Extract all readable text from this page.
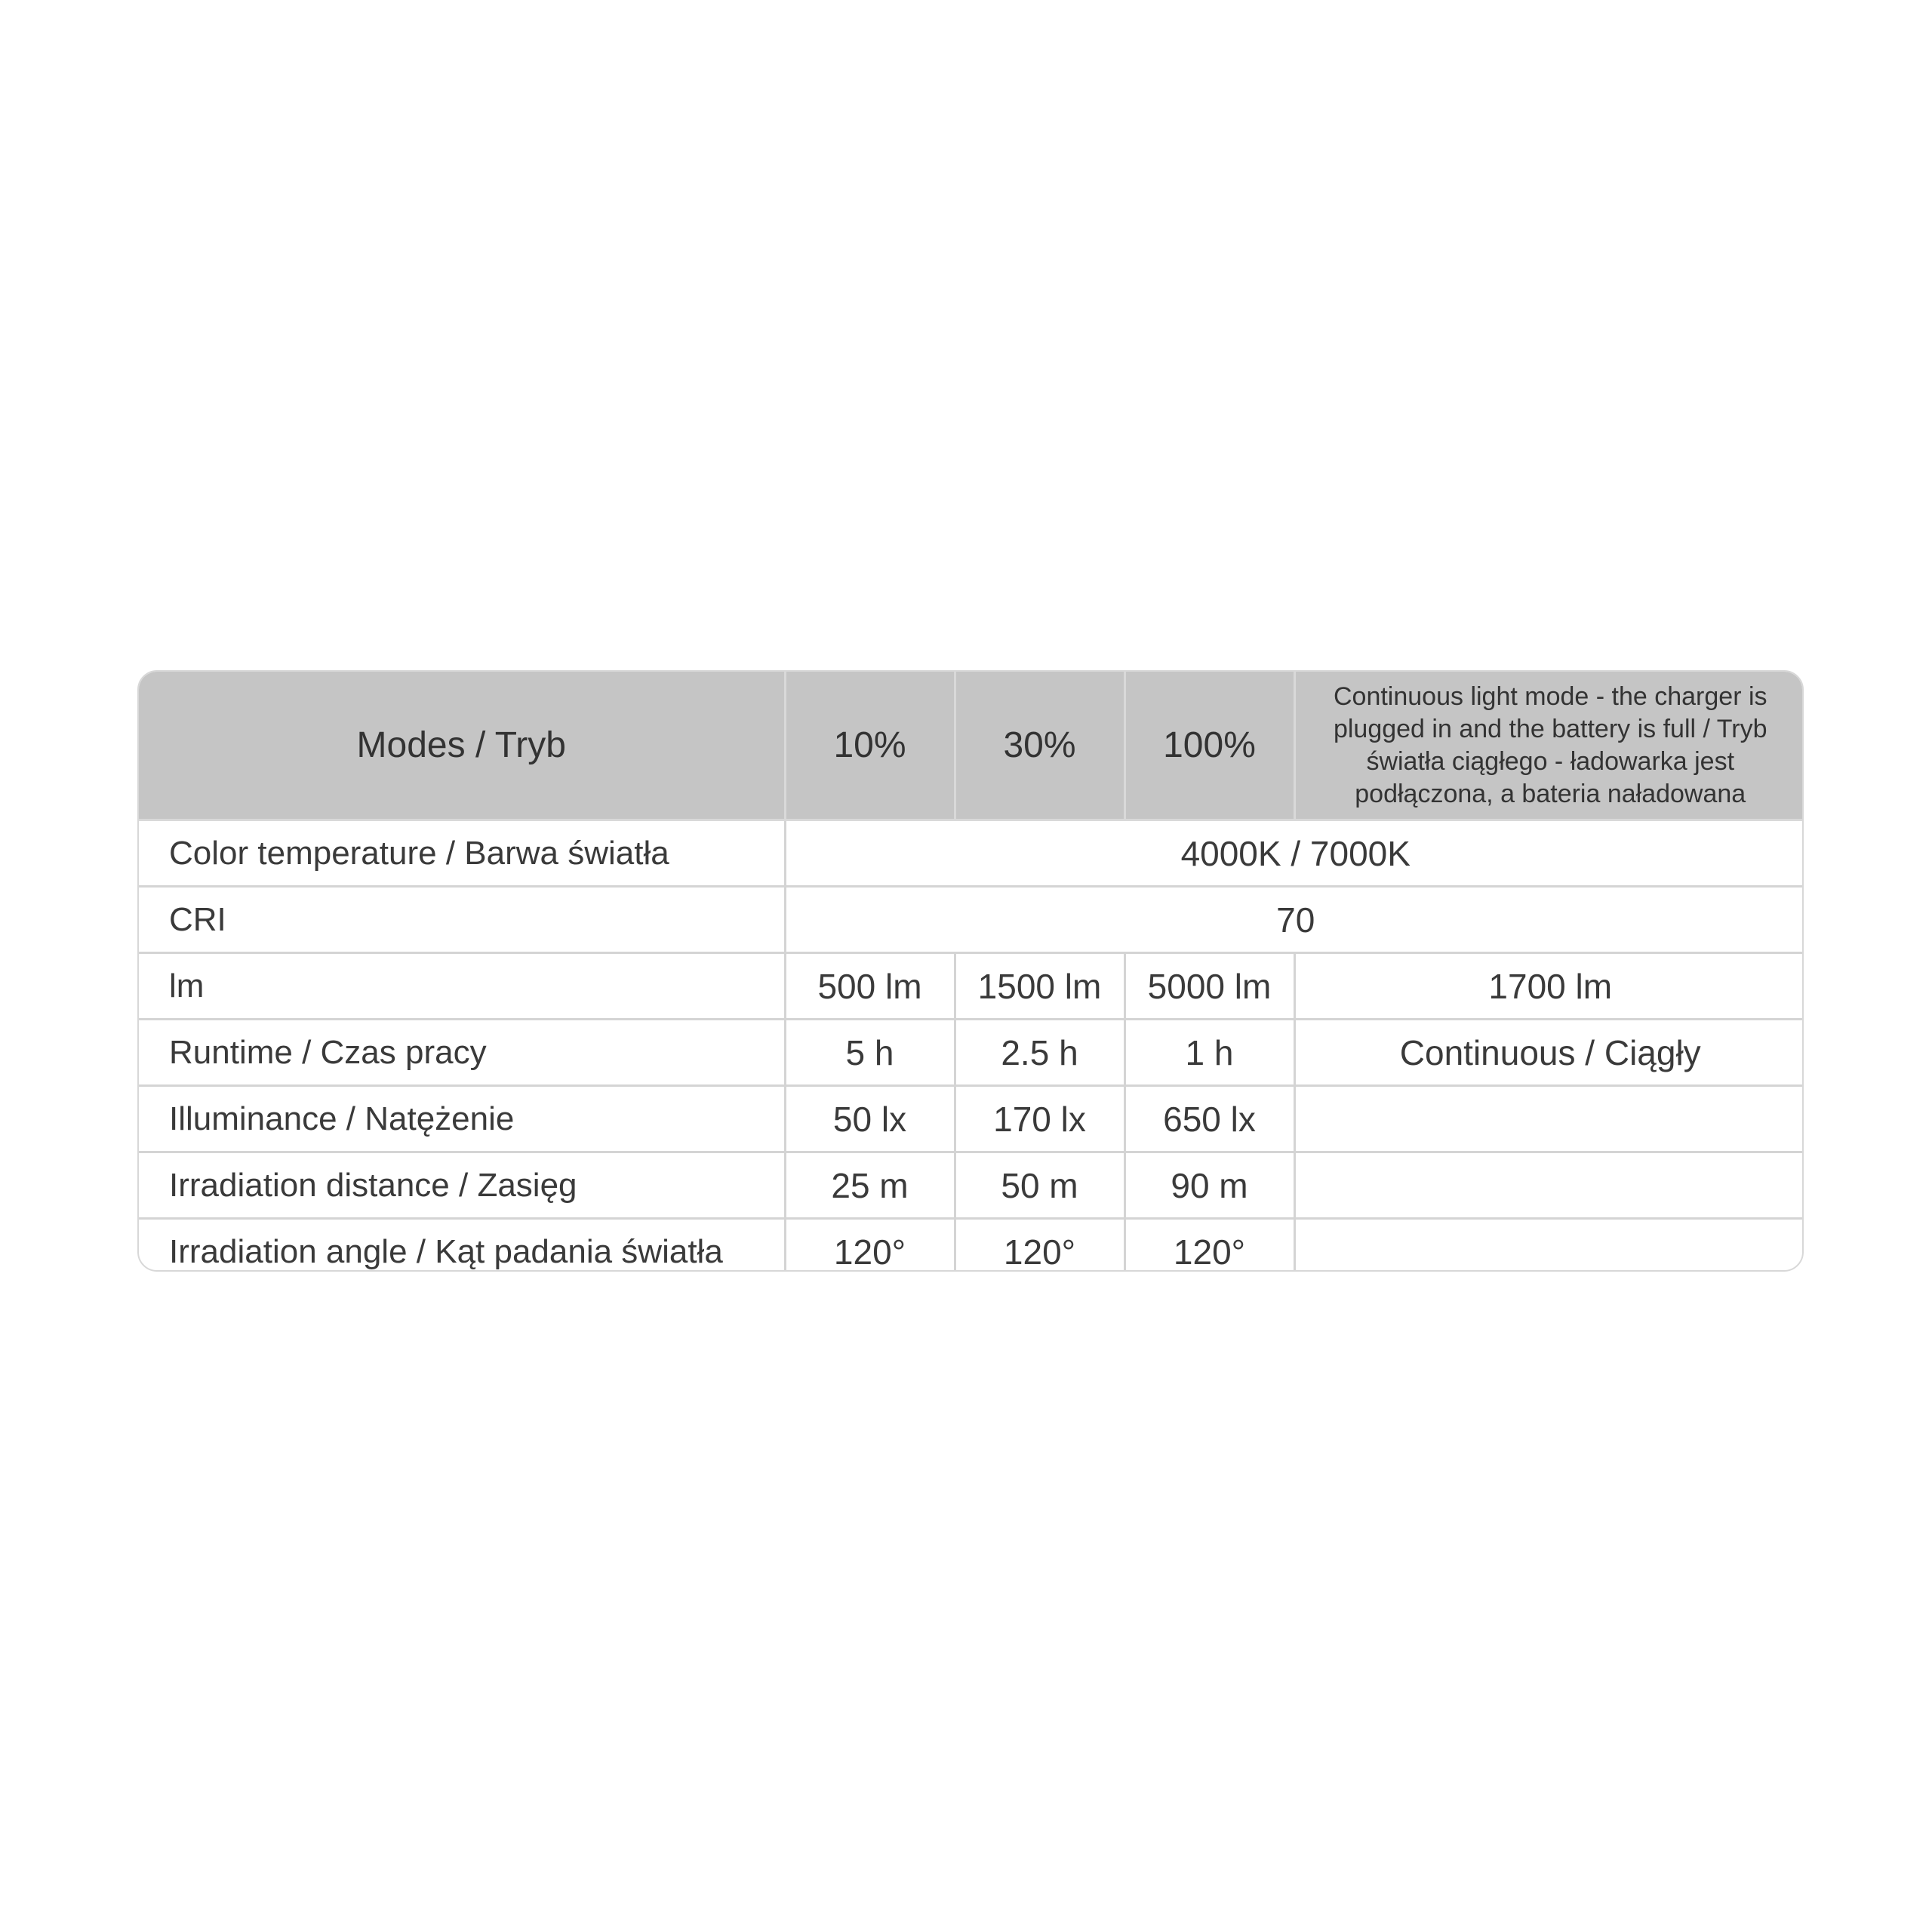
Modes / Tryb	10%	30%	100%	Continuous light mode - the charger is plugged in and the battery is full / Tryb światła ciągłego - ładowarka jest podłączona, a bateria naładowana
Color temperature / Barwa światła	4000K / 7000K			
CRI	70			
lm	500 lm	1500 lm	5000 lm	1700 lm
Runtime / Czas pracy	5 h	2.5 h	1 h	Continuous / Ciągły
Illuminance / Natężenie	50 lx	170 lx	650 lx	
Irradiation distance / Zasięg	25 m	50 m	90 m	
Irradiation angle / Kąt padania światła	120°	120°	120°	
